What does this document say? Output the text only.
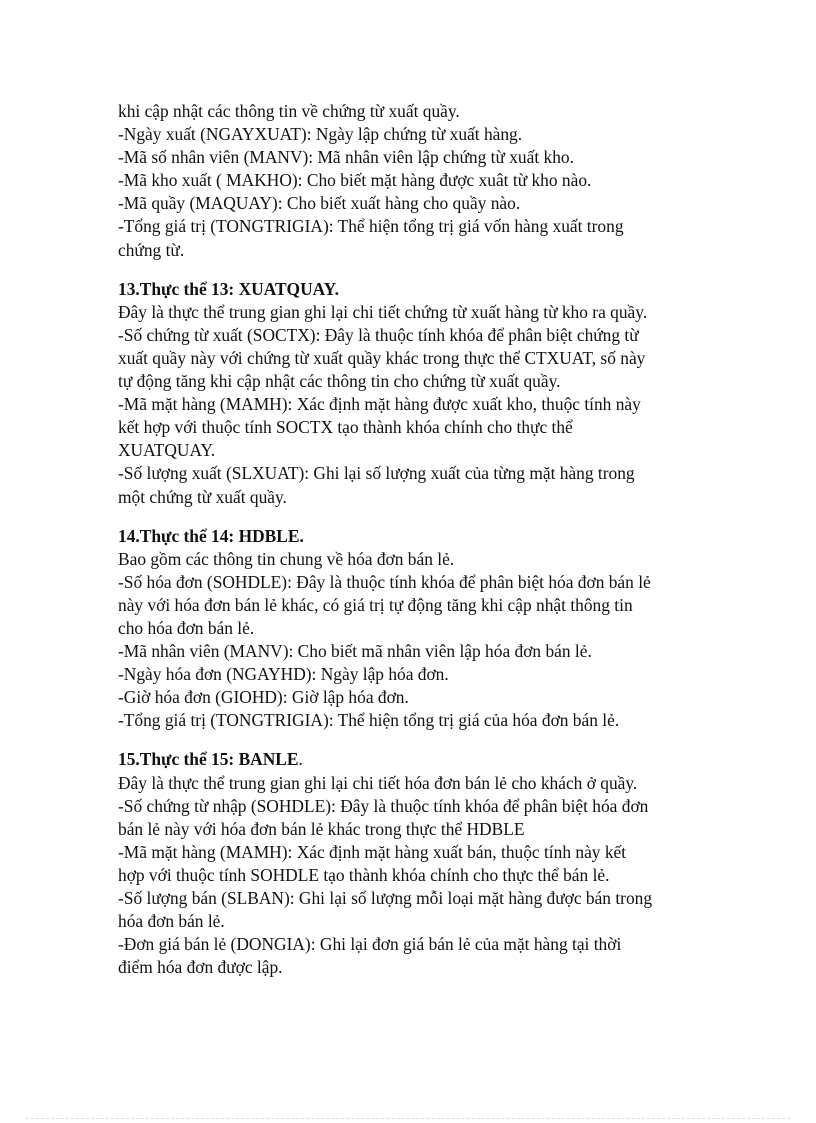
khi cập nhật các thông tin về chứng từ xuất quầy.
-Ngày xuất (NGAYXUAT): Ngày lập chứng từ xuất hàng.
-Mã số nhân viên (MANV): Mã nhân viên lập chứng từ xuất kho.
-Mã kho xuất ( MAKHO): Cho biết mặt hàng được xuât từ kho nào.
-Mã quầy (MAQUAY): Cho biết xuất hàng cho quầy nào.
-Tổng giá trị (TONGTRIGIA): Thể hiện tổng trị giá vốn hàng xuất trong
chứng từ.
13.Thực thể 13: XUATQUAY.
Đây là thực thể trung gian ghi lại chi tiết chứng từ xuất hàng từ kho ra quầy.
-Số chứng từ xuất (SOCTX): Đây là thuộc tính khóa để phân biệt chứng từ
xuất quầy này với chứng từ xuất quầy khác trong thực thể CTXUAT, số này
tự động tăng khi cập nhật các thông tin cho chứng từ xuất quầy.
-Mã mặt hàng (MAMH): Xác định mặt hàng được xuất kho, thuộc tính này
kết hợp với thuộc tính SOCTX tạo thành khóa chính cho thực thể
XUATQUAY.
-Số lượng xuất (SLXUAT): Ghi lại số lượng xuất của từng mặt hàng trong
một chứng từ xuất quầy.
14.Thực thể 14: HDBLE.
Bao gồm các thông tin chung về hóa đơn bán lẻ.
-Số hóa đơn (SOHDLE): Đây là thuộc tính khóa để phân biệt hóa đơn bán lẻ
này với hóa đơn bán lẻ khác, có giá trị tự động tăng khi cập nhật thông tin
cho hóa đơn bán lẻ.
-Mã nhân viên (MANV): Cho biết mã nhân viên lập hóa đơn bán lẻ.
-Ngày hóa đơn (NGAYHD): Ngày lập hóa đơn.
-Giờ hóa đơn (GIOHD): Giờ lập hóa đơn.
-Tổng giá trị (TONGTRIGIA): Thể hiện tổng trị giá của hóa đơn bán lẻ.
15.Thực thể 15: BANLE.
Đây là thực thể trung gian ghi lại chi tiết hóa đơn bán lẻ cho khách ở quầy.
-Số chứng từ nhập (SOHDLE): Đây là thuộc tính khóa để phân biệt hóa đơn
bán lẻ này với hóa đơn bán lẻ khác trong thực thể HDBLE
-Mã mặt hàng (MAMH): Xác định mặt hàng xuất bán, thuộc tính này kết
hợp với thuộc tính SOHDLE tạo thành khóa chính cho thực thể bán lẻ.
-Số lượng bán (SLBAN): Ghi lại số lượng mỗi loại mặt hàng được bán trong
hóa đơn bán lẻ.
-Đơn giá bán lẻ (DONGIA): Ghi lại đơn giá bán lẻ của mặt hàng tại thời
điểm hóa đơn được lập.
